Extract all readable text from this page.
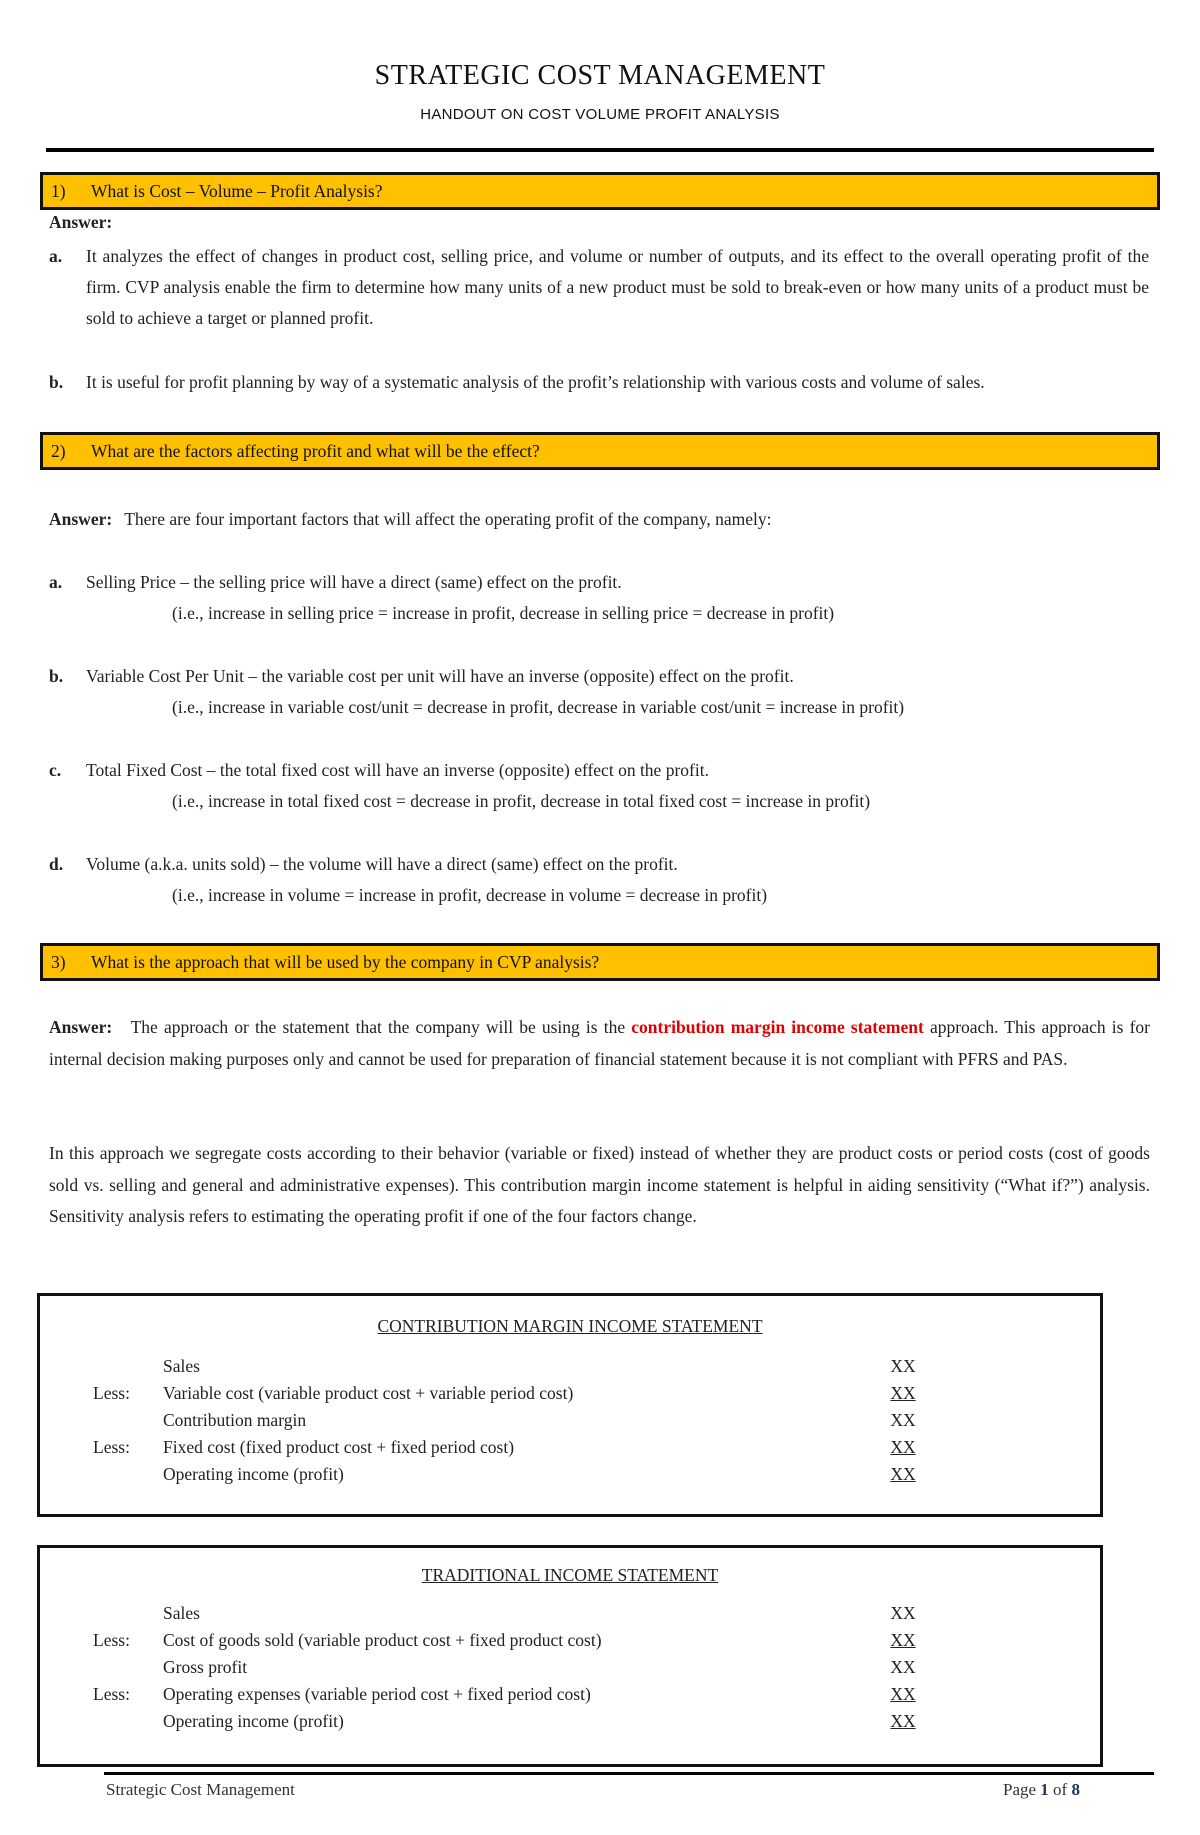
STRATEGIC COST MANAGEMENT
HANDOUT ON COST VOLUME PROFIT ANALYSIS
1)	What is Cost – Volume – Profit Analysis?
Answer:
a.	It analyzes the effect of changes in product cost, selling price, and volume or number of outputs, and its effect to the overall operating profit of the firm. CVP analysis enable the firm to determine how many units of a new product must be sold to break-even or how many units of a product must be sold to achieve a target or planned profit.
b.	It is useful for profit planning by way of a systematic analysis of the profit’s relationship with various costs and volume of sales.
2)	What are the factors affecting profit and what will be the effect?
Answer: There are four important factors that will affect the operating profit of the company, namely:
a.	Selling Price – the selling price will have a direct (same) effect on the profit.
(i.e., increase in selling price = increase in profit, decrease in selling price = decrease in profit)
b.	Variable Cost Per Unit – the variable cost per unit will have an inverse (opposite) effect on the profit.
(i.e., increase in variable cost/unit = decrease in profit, decrease in variable cost/unit = increase in profit)
c.	Total Fixed Cost – the total fixed cost will have an inverse (opposite) effect on the profit.
(i.e., increase in total fixed cost = decrease in profit, decrease in total fixed cost = increase in profit)
d.	Volume (a.k.a. units sold) – the volume will have a direct (same) effect on the profit.
(i.e., increase in volume = increase in profit, decrease in volume = decrease in profit)
3)	What is the approach that will be used by the company in CVP analysis?
Answer: The approach or the statement that the company will be using is the contribution margin income statement approach. This approach is for internal decision making purposes only and cannot be used for preparation of financial statement because it is not compliant with PFRS and PAS.
In this approach we segregate costs according to their behavior (variable or fixed) instead of whether they are product costs or period costs (cost of goods sold vs. selling and general and administrative expenses). This contribution margin income statement is helpful in aiding sensitivity (“What if?”) analysis. Sensitivity analysis refers to estimating the operating profit if one of the four factors change.
CONTRIBUTION MARGIN INCOME STATEMENT
Sales	XX
Less: Variable cost (variable product cost + variable period cost)	XX
Contribution margin	XX
Less: Fixed cost (fixed product cost + fixed period cost)	XX
Operating income (profit)	XX
TRADITIONAL INCOME STATEMENT
Sales	XX
Less: Cost of goods sold (variable product cost + fixed product cost)	XX
Gross profit	XX
Less: Operating expenses (variable period cost + fixed period cost)	XX
Operating income (profit)	XX
Strategic Cost Management	Page 1 of 8
